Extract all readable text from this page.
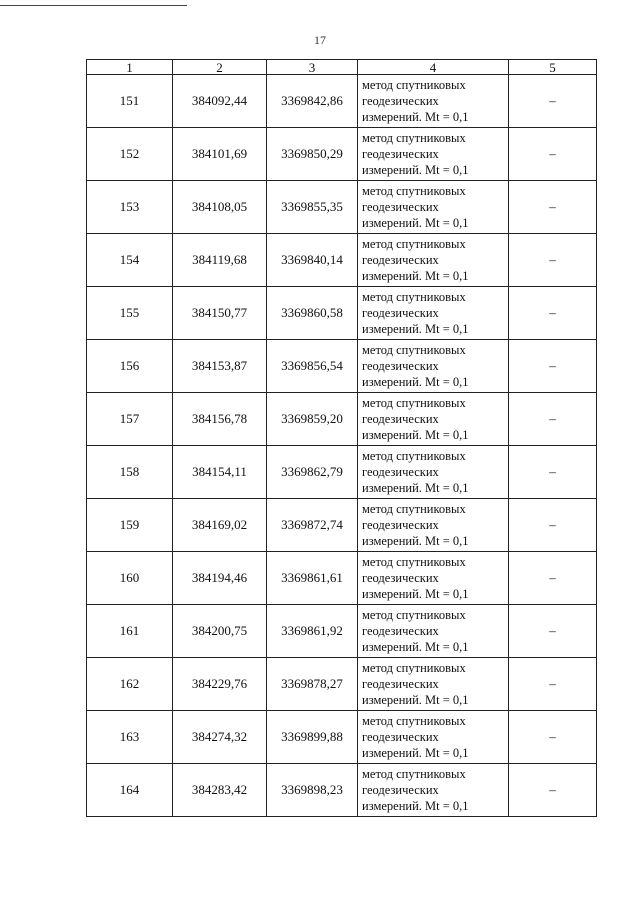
17
1	2	3	4	5
151	384092,44	3369842,86	метод спутниковых
геодезических
измерений. Mt = 0,1	–
152	384101,69	3369850,29	метод спутниковых
геодезических
измерений. Mt = 0,1	–
153	384108,05	3369855,35	метод спутниковых
геодезических
измерений. Mt = 0,1	–
154	384119,68	3369840,14	метод спутниковых
геодезических
измерений. Mt = 0,1	–
155	384150,77	3369860,58	метод спутниковых
геодезических
измерений. Mt = 0,1	–
156	384153,87	3369856,54	метод спутниковых
геодезических
измерений. Mt = 0,1	–
157	384156,78	3369859,20	метод спутниковых
геодезических
измерений. Mt = 0,1	–
158	384154,11	3369862,79	метод спутниковых
геодезических
измерений. Mt = 0,1	–
159	384169,02	3369872,74	метод спутниковых
геодезических
измерений. Mt = 0,1	–
160	384194,46	3369861,61	метод спутниковых
геодезических
измерений. Mt = 0,1	–
161	384200,75	3369861,92	метод спутниковых
геодезических
измерений. Mt = 0,1	–
162	384229,76	3369878,27	метод спутниковых
геодезических
измерений. Mt = 0,1	–
163	384274,32	3369899,88	метод спутниковых
геодезических
измерений. Mt = 0,1	–
164	384283,42	3369898,23	метод спутниковых
геодезических
измерений. Mt = 0,1	–
